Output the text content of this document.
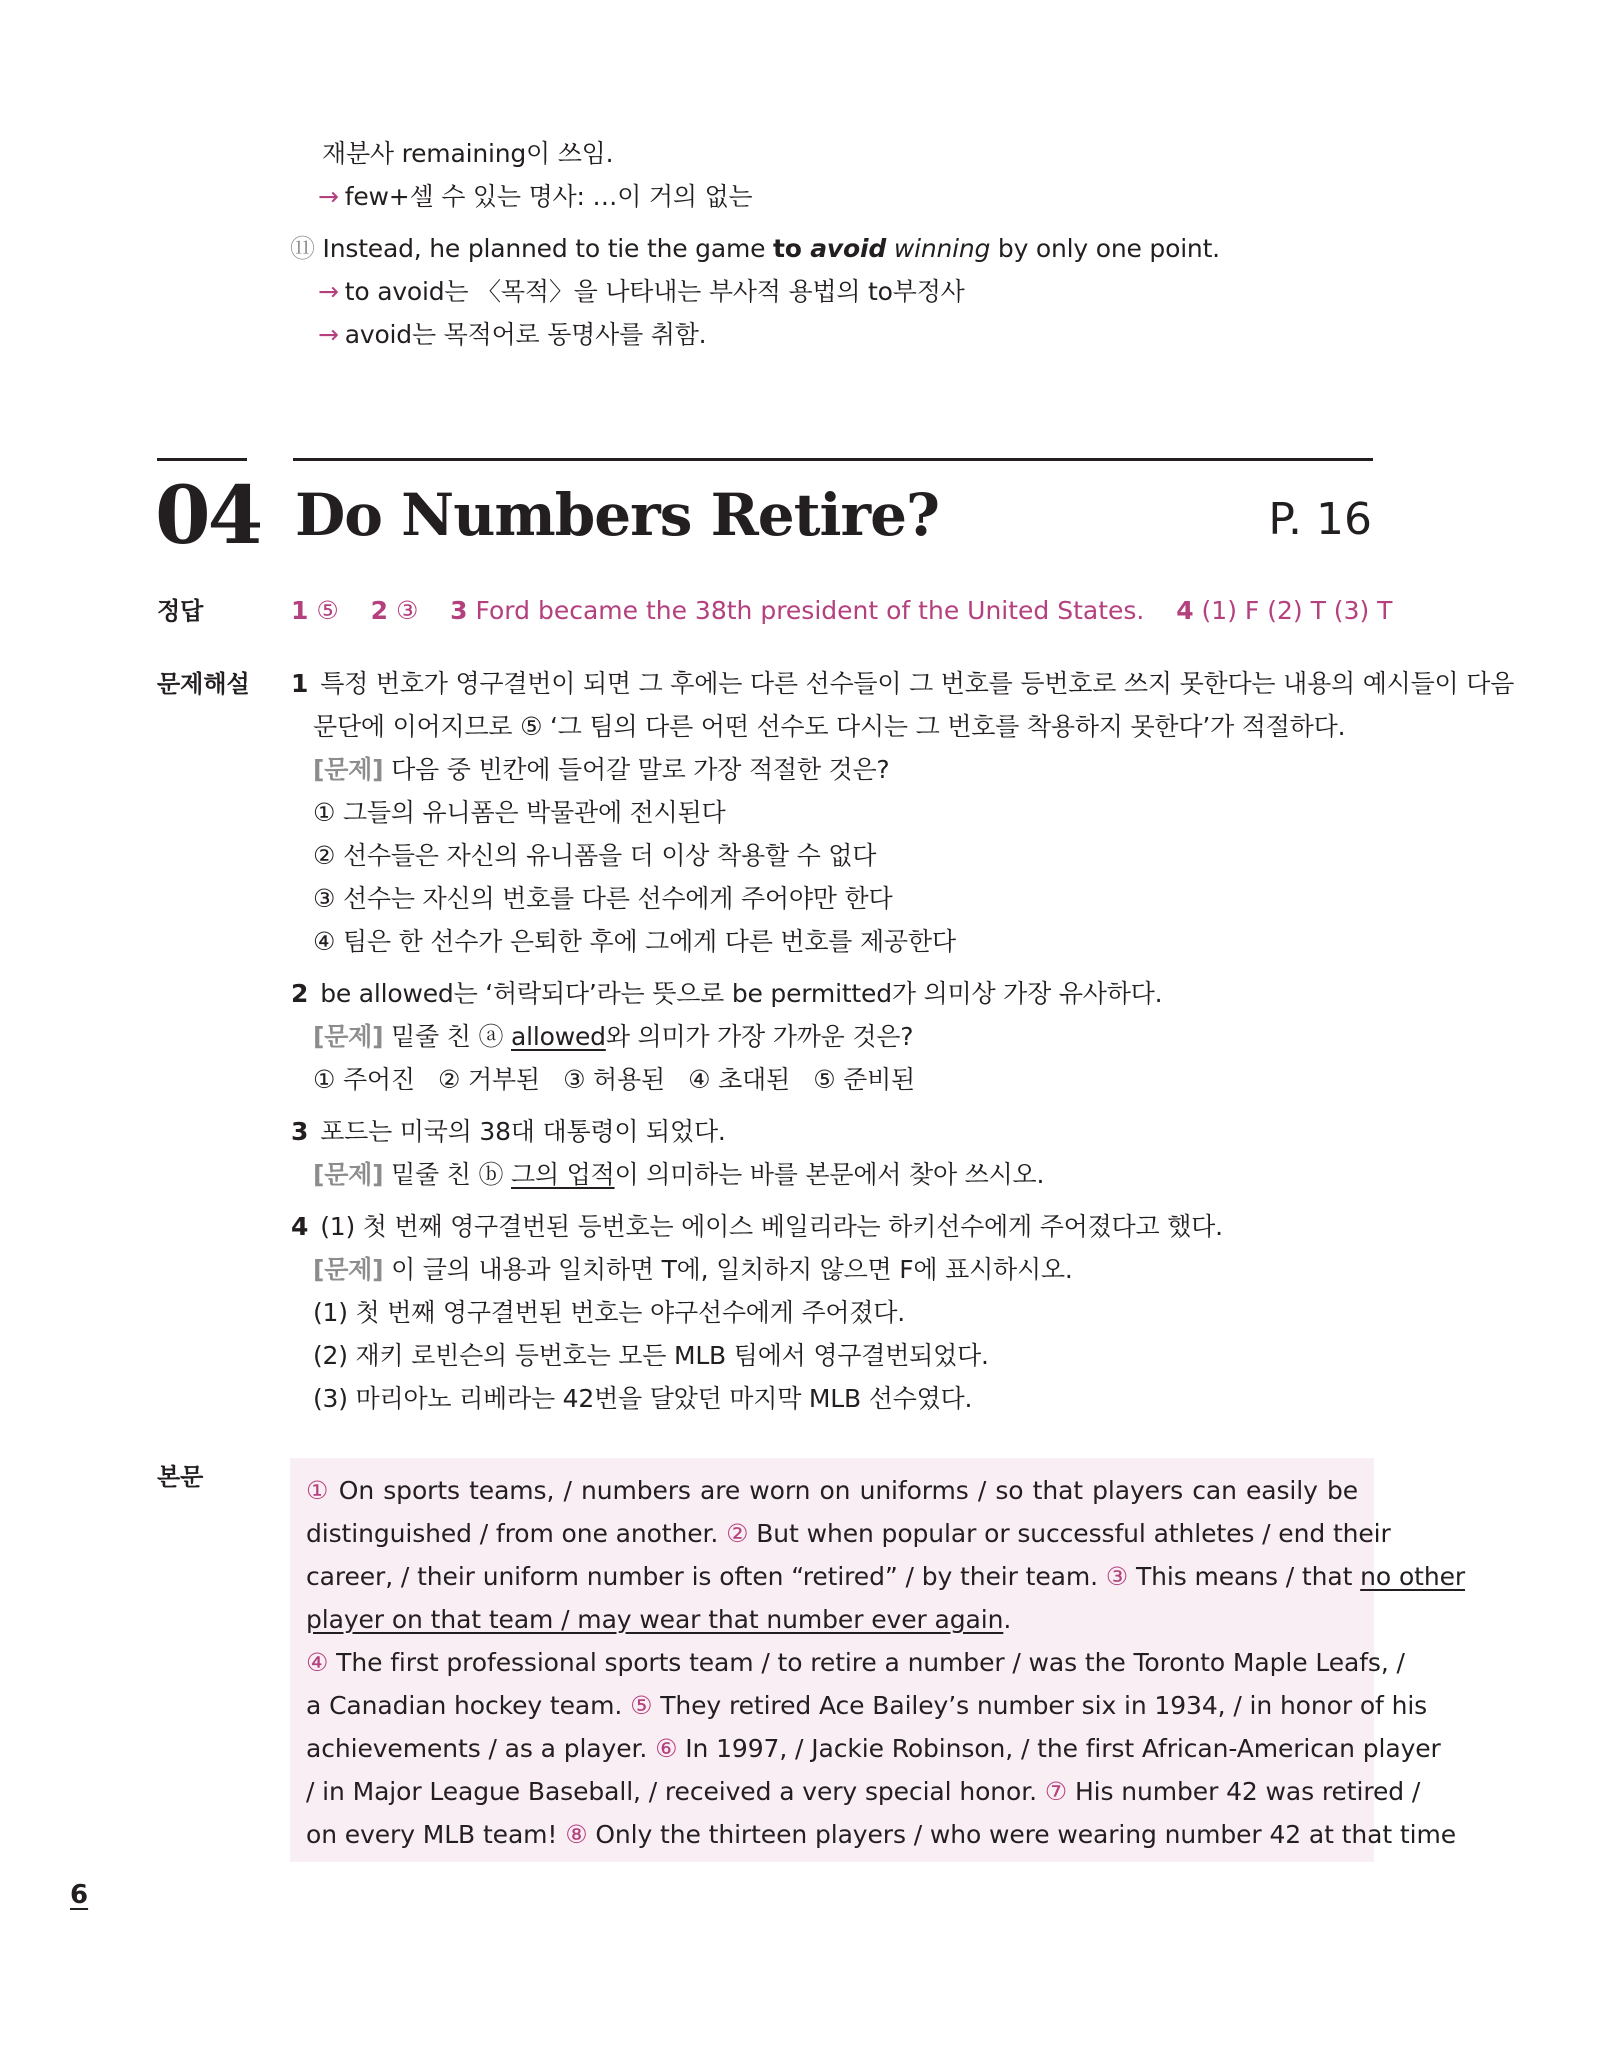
재분사 remaining이 쓰임.
→ few+셀 수 있는 명사: …이 거의 없는
⑪ Instead, he planned to tie the game to avoid winning by only one point.
→ to avoid는 〈목적〉을 나타내는 부사적 용법의 to부정사
→ avoid는 목적어로 동명사를 취함.
04 Do Numbers Retire?	P. 16
정답	1 ⑤ 2 ③ 3 Ford became the 38th president of the United States. 4 (1) F (2) T (3) T
문제해설 1 특정 번호가 영구결번이 되면 그 후에는 다른 선수들이 그 번호를 등번호로 쓰지 못한다는 내용의 예시들이 다음
문단에 이어지므로 ⑤ ‘그 팀의 다른 어떤 선수도 다시는 그 번호를 착용하지 못한다’가 적절하다.
[문제] 다음 중 빈칸에 들어갈 말로 가장 적절한 것은?
① 그들의 유니폼은 박물관에 전시된다
② 선수들은 자신의 유니폼을 더 이상 착용할 수 없다
③ 선수는 자신의 번호를 다른 선수에게 주어야만 한다
④ 팀은 한 선수가 은퇴한 후에 그에게 다른 번호를 제공한다
2 be allowed는 ‘허락되다’라는 뜻으로 be permitted가 의미상 가장 유사하다.
[문제] 밑줄 친 ⓐ allowed와 의미가 가장 가까운 것은?
① 주어진   ② 거부된   ③ 허용된   ④ 초대된   ⑤ 준비된
3 포드는 미국의 38대 대통령이 되었다.
[문제] 밑줄 친 ⓑ 그의 업적이 의미하는 바를 본문에서 찾아 쓰시오.
4 (1) 첫 번째 영구결번된 등번호는 에이스 베일리라는 하키선수에게 주어졌다고 했다.
[문제] 이 글의 내용과 일치하면 T에, 일치하지 않으면 F에 표시하시오.
(1) 첫 번째 영구결번된 번호는 야구선수에게 주어졌다.
(2) 재키 로빈슨의 등번호는 모든 MLB 팀에서 영구결번되었다.
(3) 마리아노 리베라는 42번을 달았던 마지막 MLB 선수였다.
본문	① On sports teams, / numbers are worn on uniforms / so that players can easily be
distinguished / from one another. ② But when popular or successful athletes / end their
career, / their uniform number is often “retired” / by their team. ③ This means / that no other
player on that team / may wear that number ever again.
④ The first professional sports team / to retire a number / was the Toronto Maple Leafs, /
a Canadian hockey team. ⑤ They retired Ace Bailey’s number six in 1934, / in honor of his
achievements / as a player. ⑥ In 1997, / Jackie Robinson, / the first African-American player
/ in Major League Baseball, / received a very special honor. ⑦ His number 42 was retired /
on every MLB team! ⑧ Only the thirteen players / who were wearing number 42 at that time
6
